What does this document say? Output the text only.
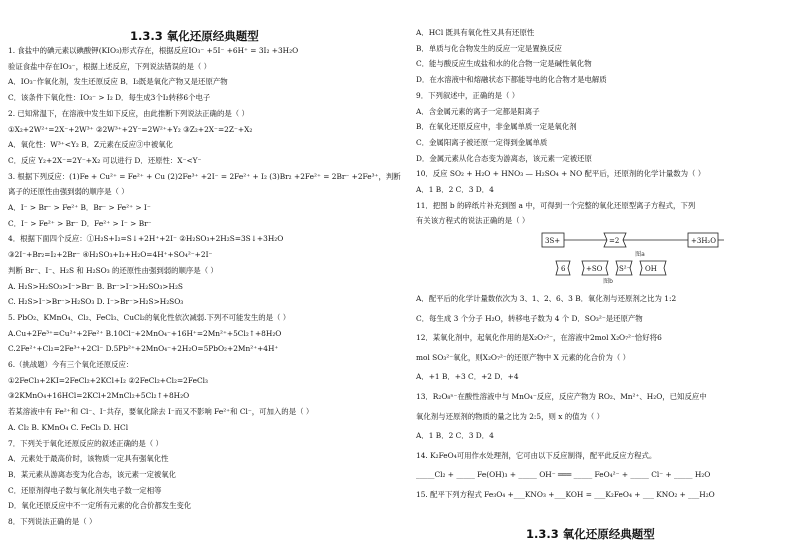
1.3.3 氧化还原经典题型
1. 食盐中的碘元素以碘酸钾(KIO₃)形式存在，根据反应IO₃⁻ +5I⁻ +6H⁺ = 3I₂ +3H₂O
验证食盐中存在IO₃⁻，根据上述反应，下列说法错误的是（ ）
A．IO₃⁻作氧化剂，发生还原反应 B．I₂既是氧化产物又是还原产物
C．该条件下氧化性：IO₃⁻ > I₂ D．每生成3个I₂转移6个电子
2. 已知常温下，在溶液中发生如下反应，由此推断下列说法正确的是（ ）
①X₂+2W²⁺=2X⁻+2W³⁺ ②2W³⁺+2Y⁻=2W²⁺+Y₂ ③Z₂+2X⁻=2Z⁻+X₂
A．氧化性：W³⁺<Y₂ B．Z元素在反应③中被氧化
C．反应 Y₂+2X⁻=2Y⁻+X₂ 可以进行 D．还原性：X⁻<Y⁻
3. 根据下列反应：(1)Fe + Cu²⁺ = Fe²⁺ + Cu (2)2Fe³⁺ +2I⁻ = 2Fe²⁺ + I₂ (3)Br₂ +2Fe²⁺ = 2Br⁻ +2Fe³⁺，判断
离子的还原性由强到弱的顺序是（ ）
A．I⁻ > Br⁻ > Fe²⁺ B．Br⁻ > Fe²⁺ > I⁻
C．I⁻ > Fe²⁺ > Br⁻ D．Fe²⁺ > I⁻ > Br⁻
4．根据下面四个反应：①H₂S+I₂=S↓+2H⁺+2I⁻ ②H₂SO₃+2H₂S=3S↓+3H₂O
③2I⁻+Br₂=I₂+2Br⁻ ④H₂SO₃+I₂+H₂O=4H⁺+SO₄²⁻+2I⁻
判断 Br⁻、I⁻、H₂S 和 H₂SO₃ 的还原性由强到弱的顺序是（ ）
A. H₂S>H₂SO₃>I⁻>Br⁻ B. Br⁻>I⁻>H₂SO₃>H₂S
C. H₂S>I⁻>Br⁻>H₂SO₃ D. I⁻>Br⁻>H₂S>H₂SO₃
5. PbO₂、KMnO₄、Cl₂、FeCl₃、CuCl₂的氧化性依次减弱.下列不可能发生的是（ ）
A.Cu+2Fe³⁺=Cu²⁺+2Fe²⁺ B.10Cl⁻+2MnO₄⁻+16H⁺=2Mn²⁺+5Cl₂↑+8H₂O
C.2Fe²⁺+Cl₂=2Fe³⁺+2Cl⁻ D.5Pb²⁺+2MnO₄⁻+2H₂O=5PbO₂+2Mn²⁺+4H⁺
6.（挑战题）今有三个氧化还原反应：
①2FeCl₃+2KI=2FeCl₂+2KCl+I₂ ②2FeCl₂+Cl₂=2FeCl₃
③2KMnO₄+16HCl=2KCl+2MnCl₂+5Cl₂↑+8H₂O
若某溶液中有 Fe²⁺和 Cl⁻、I⁻共存，要氧化除去 I⁻而又不影响 Fe²⁺和 Cl⁻，可加入的是（ ）
A. Cl₂ B. KMnO₄ C. FeCl₃ D. HCl
7．下列关于氧化还原反应的叙述正确的是（ ）
A．元素处于最高价时，该物质一定具有强氧化性
B．某元素从游离态变为化合态，该元素一定被氧化
C．还原剂得电子数与氧化剂失电子数一定相等
D．氧化还原反应中不一定所有元素的化合价都发生变化
8．下列说法正确的是（ ）
A．HCl 既具有氧化性又具有还原性
B．单质与化合物发生的反应一定是置换反应
C．能与酸反应生成盐和水的化合物一定是碱性氧化物
D．在水溶液中和熔融状态下都能导电的化合物才是电解质
9．下列叙述中，正确的是（ ）
A．含金属元素的离子一定都是阳离子
B．在氧化还原反应中，非金属单质一定是氧化剂
C．金属阳离子被还原一定得到金属单质
D．金属元素从化合态变为游离态，该元素一定被还原
10．反应 SO₂ + H₂O + HNO₃ — H₂SO₄ + NO 配平后，还原剂的化学计量数为（ ）
A．1 B．2 C．3 D．4
11．把图 b 的碎纸片补充到图 a 中，可得到一个完整的氧化还原型离子方程式，下列
有关该方程式的说法正确的是（ ）
3S+	=2	+3H₂O
图a
6	+SO S²⁻ OH
图b
A．配平后的化学计量数依次为 3、1、2、6、3 B．氧化剂与还原剂之比为 1:2
C．每生成 3 个分子 H₂O，转移电子数为 4 个 D．SO₃²⁻是还原产物
12．某氧化剂中，起氧化作用的是X₂O₇²⁻，在溶液中2mol X₂O₇²⁻恰好将6
mol SO₃²⁻氧化，则X₂O₇²⁻的还原产物中 X 元素的化合价为（ ）
A．+1 B．+3 C．+2 D．+4
13．R₂O₈ⁿ⁻在酸性溶液中与 MnO₄⁻反应，反应产物为 RO₂、Mn²⁺、H₂O，已知反应中
氧化剂与还原剂的物质的量之比为 2:5，则 x 的值为（ ）
A．1 B．2 C．3 D．4
14. K₂FeO₄可用作水处理剂，它可由以下反应制得，配平此反应方程式。
_____Cl₂ + _____ Fe(OH)₃ + _____ OH⁻ ═══ _____ FeO₄²⁻ + _____ Cl⁻ + _____ H₂O
15. 配平下列方程式 Fe₃O₄ +___KNO₃ +___KOH = ___K₂FeO₄ + ___ KNO₂ + ___H₂O
1.3.3 氧化还原经典题型
